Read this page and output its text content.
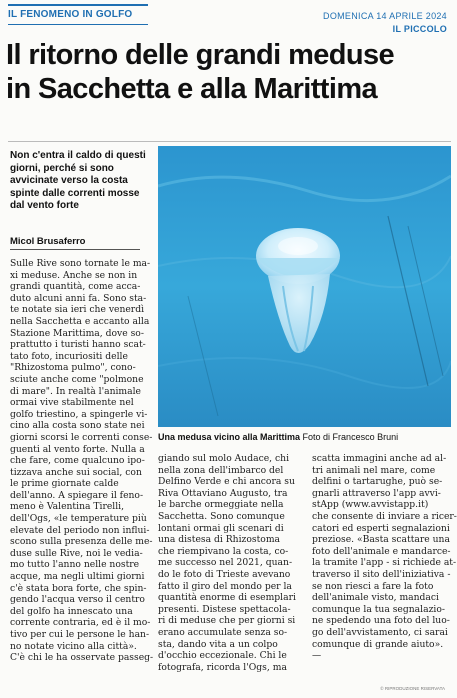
IL FENOMENO IN GOLFO	DOMENICA 14 APRILE 2024
IL PICCOLO
Il ritorno delle grandi meduse
in Sacchetta e alla Marittima
Non c'entra il caldo di questi giorni, perché si sono avvicinate verso la costa spinte dalle correnti mosse dal vento forte
Micol Brusaferro
Una medusa vicino alla Marittima Foto di Francesco Bruni
Sulle Rive sono tornate le ma-
xi meduse. Anche se non in
grandi quantità, come acca-
duto alcuni anni fa. Sono sta-
te notate sia ieri che venerdì
nella Sacchetta e accanto alla
Stazione Marittima, dove so-
prattutto i turisti hanno scat-
tato foto, incuriositi delle
"Rhizostoma pulmo", cono-
sciute anche come "polmone
di mare". In realtà l'animale
ormai vive stabilmente nel
golfo triestino, a spingerle vi-
cino alla costa sono state nei
giorni scorsi le correnti conse-
guenti al vento forte. Nulla a
che fare, come qualcuno ipo-
tizzava anche sui social, con
le prime giornate calde
dell'anno. A spiegare il feno-
meno è Valentina Tirelli,
dell'Ogs, «le temperature più
elevate del periodo non influi-
scono sulla presenza delle me-
duse sulle Rive, noi le vedia-
mo tutto l'anno nelle nostre
acque, ma negli ultimi giorni
c'è stata bora forte, che spin-
gendo l'acqua verso il centro
del golfo ha innescato una
corrente contraria, ed è il mo-
tivo per cui le persone le han-
no notate vicino alla città».
C'è chi le ha osservate passeg-
giando sul molo Audace, chi
nella zona dell'imbarco del
Delfino Verde e chi ancora su
Riva Ottaviano Augusto, tra
le barche ormeggiate nella
Sacchetta. Sono comunque
lontani ormai gli scenari di
una distesa di Rhizostoma
che riempivano la costa, co-
me successo nel 2021, quan-
do le foto di Trieste avevano
fatto il giro del mondo per la
quantità enorme di esemplari
presenti. Distese spettacola-
ri di meduse che per giorni si
erano accumulate senza so-
sta, dando vita a un colpo
d'occhio eccezionale. Chi le
fotografa, ricorda l'Ogs, ma
scatta immagini anche ad al-
tri animali nel mare, come
delfini o tartarughe, può se-
gnarli attraverso l'app avvi-
stApp (www.avvistapp.it)
che consente di inviare a ricer-
catori ed esperti segnalazioni
preziose. «Basta scattare una
foto dell'animale e mandarce-
la tramite l'app - si richiede at-
traverso il sito dell'iniziativa -
se non riesci a fare la foto
dell'animale visto, mandaci
comunque la tua segnalazio-
ne spedendo una foto del luo-
go dell'avvistamento, ci sarai
comunque di grande aiuto».
—
© RIPRODUZIONE RISERVATA
